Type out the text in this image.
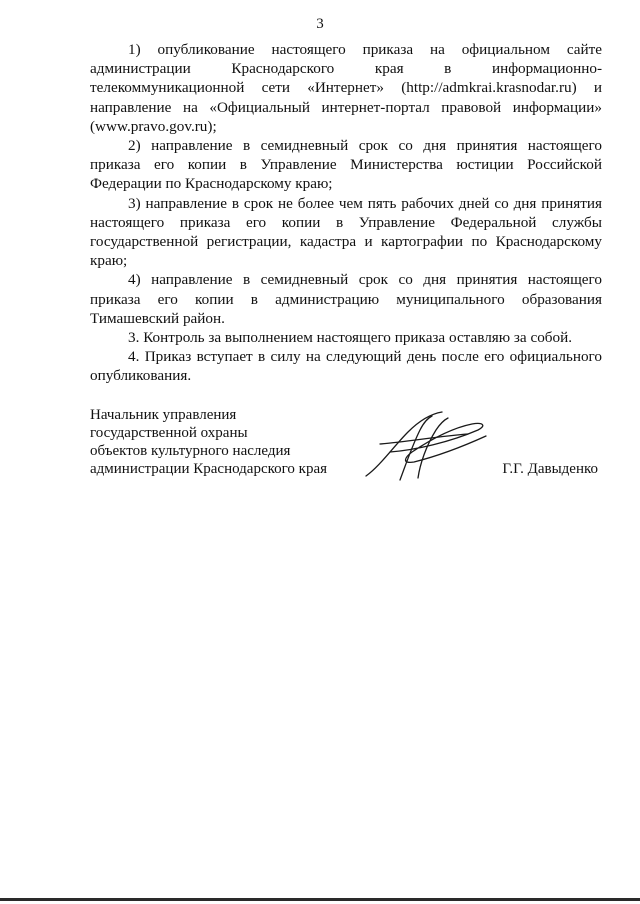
3

1) опубликование настоящего приказа на официальном сайте администрации Краснодарского края в информационно-телекоммуникационной сети «Интернет» (http://admkrai.krasnodar.ru) и направление на «Официальный интернет-портал правовой информации» (www.pravo.gov.ru);

2) направление в семидневный срок со дня принятия настоящего приказа его копии в Управление Министерства юстиции Российской Федерации по Краснодарскому краю;

3) направление в срок не более чем пять рабочих дней со дня принятия настоящего приказа его копии в Управление Федеральной службы государственной регистрации, кадастра и картографии по Краснодарскому краю;

4) направление в семидневный срок со дня принятия настоящего приказа его копии в администрацию муниципального образования Тимашевский район.

3. Контроль за выполнением настоящего приказа оставляю за собой.

4. Приказ вступает в силу на следующий день после его официального опубликования.

Начальник управления
государственной охраны
объектов культурного наследия
администрации Краснодарского края	Г.Г. Давыденко
